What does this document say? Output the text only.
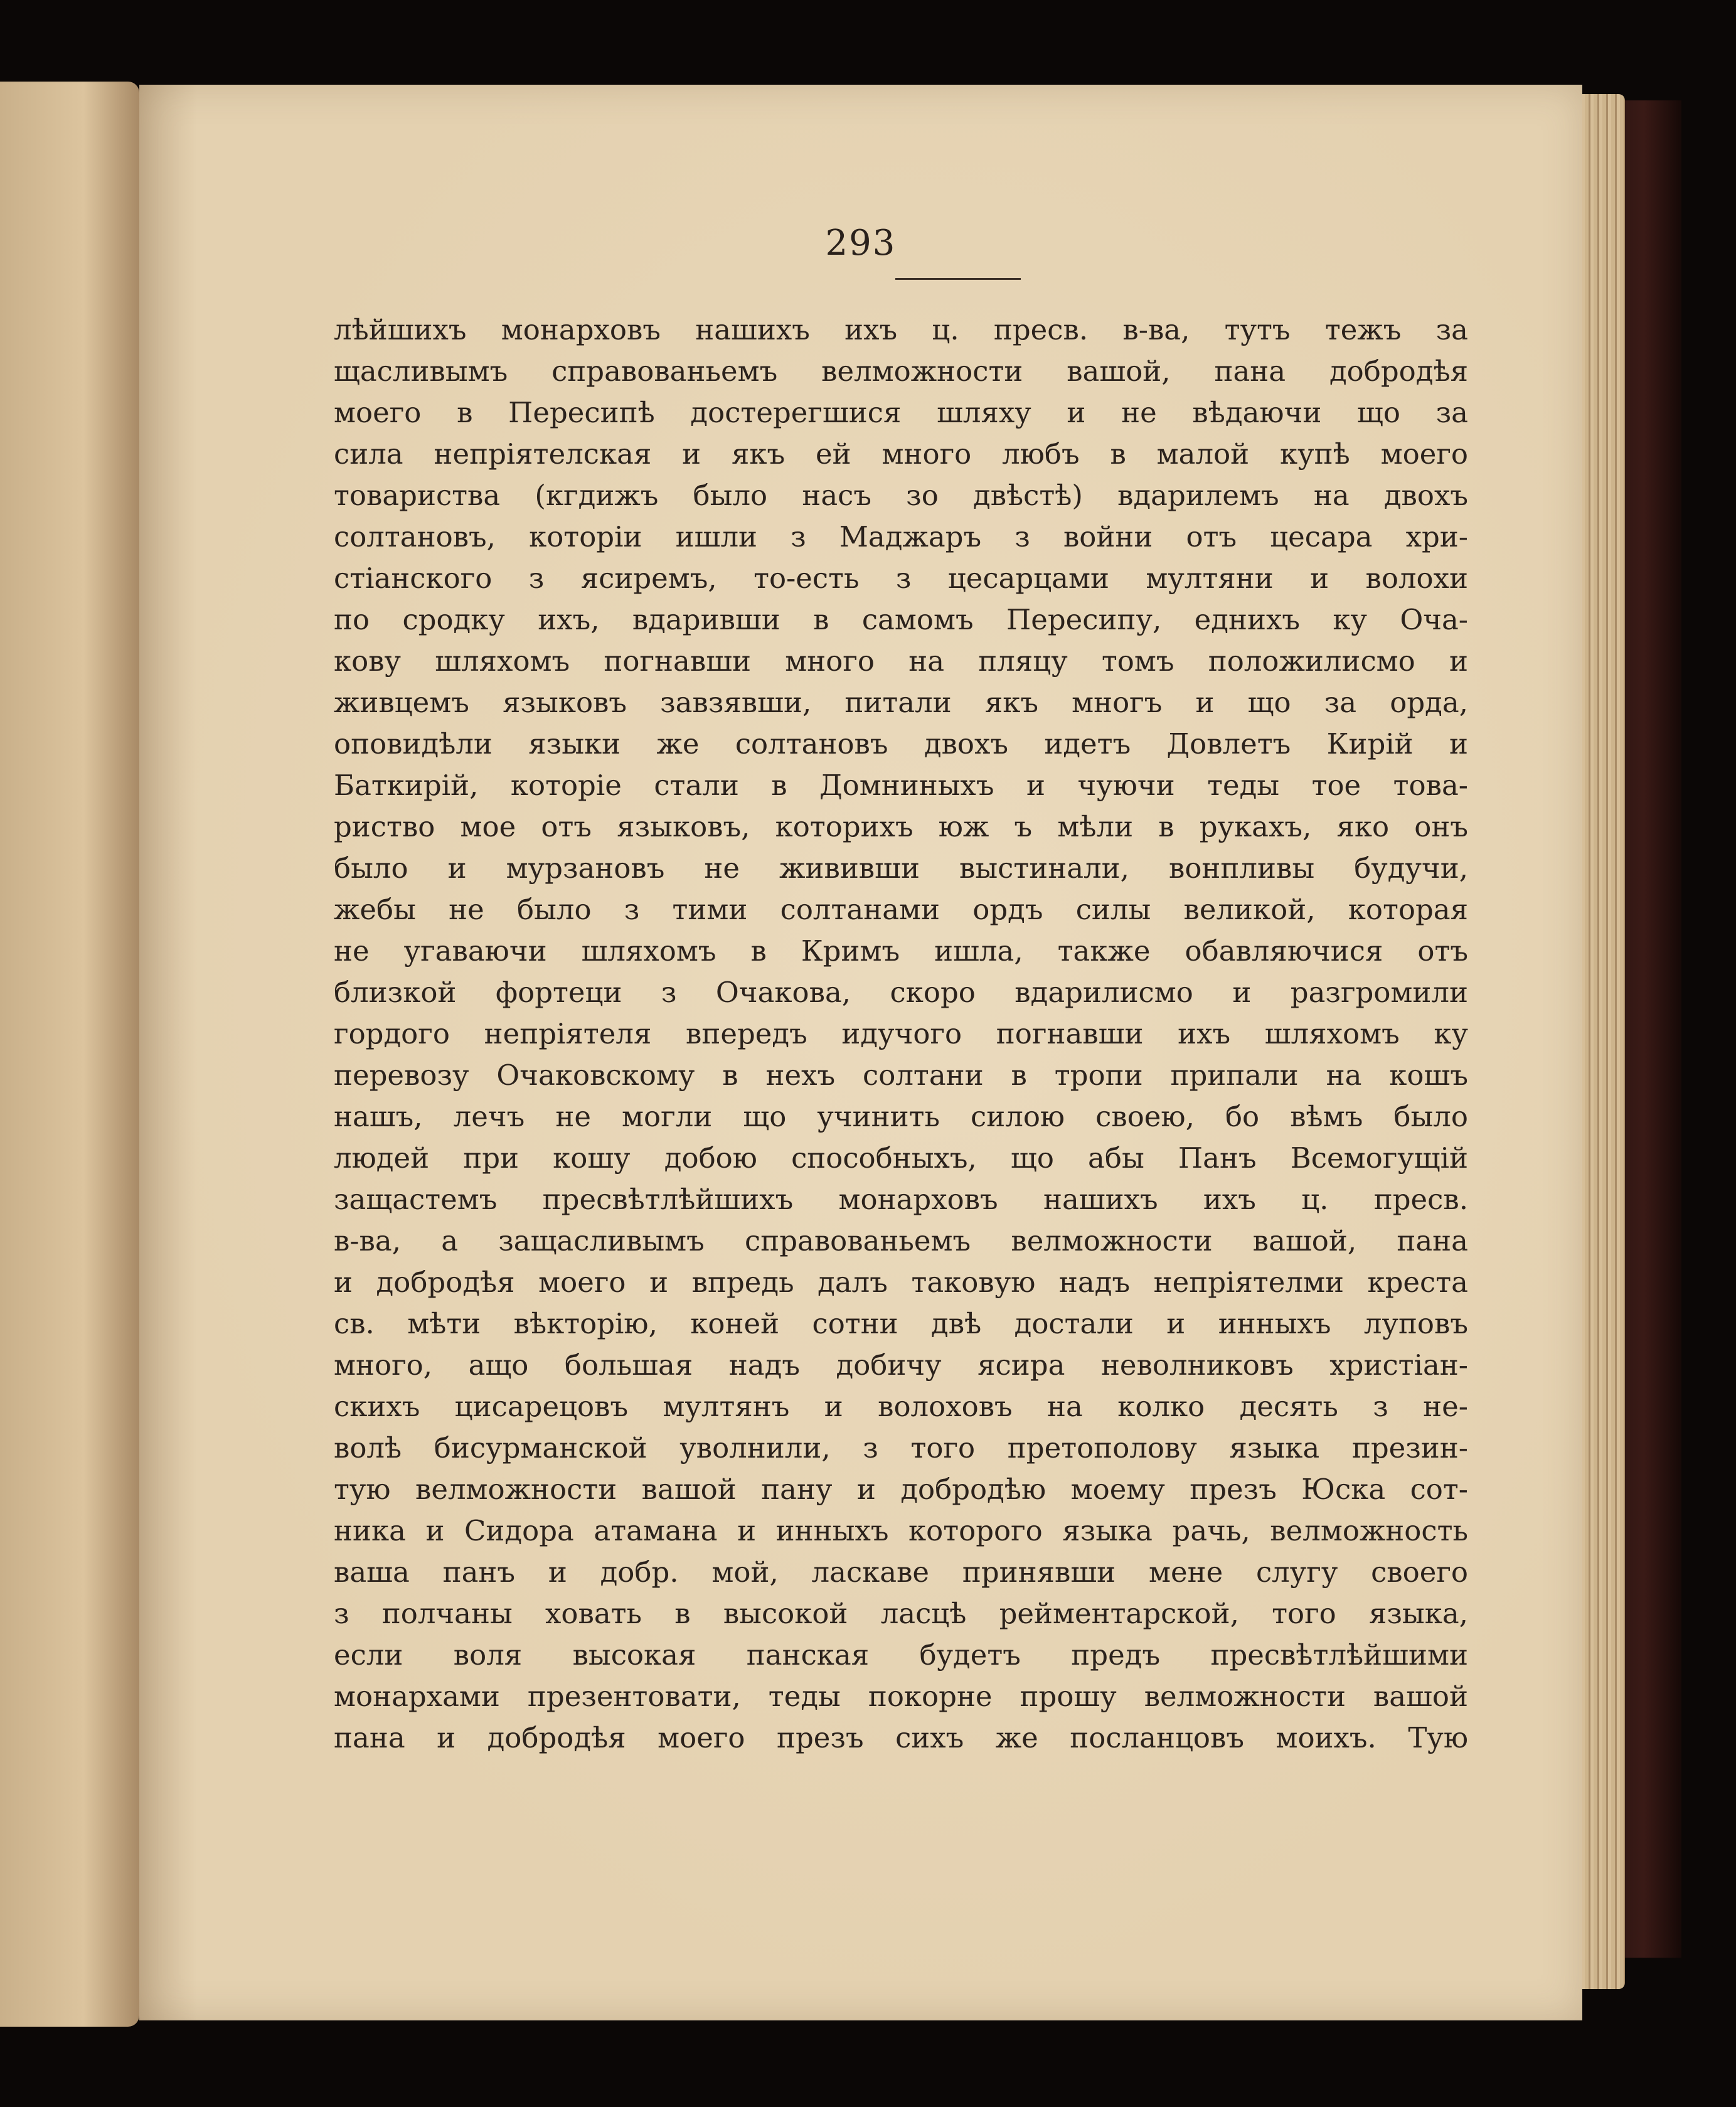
293

лѣйшихъ монарховъ нашихъ ихъ ц. пресв. в-ва, тутъ тежъ за
щасливымъ справованьемъ велможности вашой, пана добродѣя
моего в Пересипѣ достерегшися шляху и не вѣдаючи що за
сила непріятелская и якъ ей много любъ в малой купѣ моего
товариства (кгдижъ было насъ зо двѣстѣ) вдарилемъ на двохъ
солтановъ, которіи ишли з Маджаръ з войни отъ цесара хри-
стіанского з ясиремъ, то-есть з цесарцами мултяни и волохи
по сродку ихъ, вдаривши в самомъ Пересипу, едниxъ ку Оча-
кову шляхомъ погнавши много на пляцу томъ положилисмо и
живцемъ языковъ завзявши, питали якъ многъ и що за орда,
оповидѣли языки же солтановъ двохъ идетъ Довлетъ Кирій и
Баткирій, которіе стали в Домниныхъ и чуючи теды тое това-
риство мое отъ языковъ, которихъ юж ъ мѣли в рукахъ, яко онъ
было и мурзановъ не жививши выстинали, вонпливы будучи,
жебы не было з тими солтанами ордъ силы великой, которая
не угаваючи шляхомъ в Кримъ ишла, также обавляючися отъ
близкой фортеци з Очакова, скоро вдарилисмо и разгромили
гордого непріятеля впередъ идучого погнавши ихъ шляхомъ ку
перевозу Очаковскому в нехъ солтани в тропи припали на кошъ
нашъ, лечъ не могли що учинить силою своею, бо вѣмъ было
людей при кошу добою способныхъ, що абы Панъ Всемогущій
защастемъ пресвѣтлѣйшихъ монарховъ нашихъ ихъ ц. пресв.
в-ва, а защасливымъ справованьемъ велможности вашой, пана
и добродѣя моего и впредь далъ таковую надъ непріятелми креста
св. мѣти вѣкторію, коней сотни двѣ достали и инныхъ луповъ
много, ащо большая надъ добичу ясира неволниковъ христіан-
скихъ цисарецовъ мултянъ и волоховъ на колко десять з не-
волѣ бисурманской уволнили, з того претополову языка презин-
тую велможности вашой пану и добродѣю моему презъ Юска сот-
ника и Сидора атамана и инныхъ которого языка рачь, велможность
ваша панъ и добр. мой, ласкаве принявши мене слугу своего
з полчаны ховать в высокой ласцѣ рейментарской, того языка,
если воля высокая панская будетъ предъ пресвѣтлѣйшими
монархами презентовати, теды покорне прошу велможности вашой
пана и добродѣя моего презъ сихъ же посланцовъ моихъ. Тую
